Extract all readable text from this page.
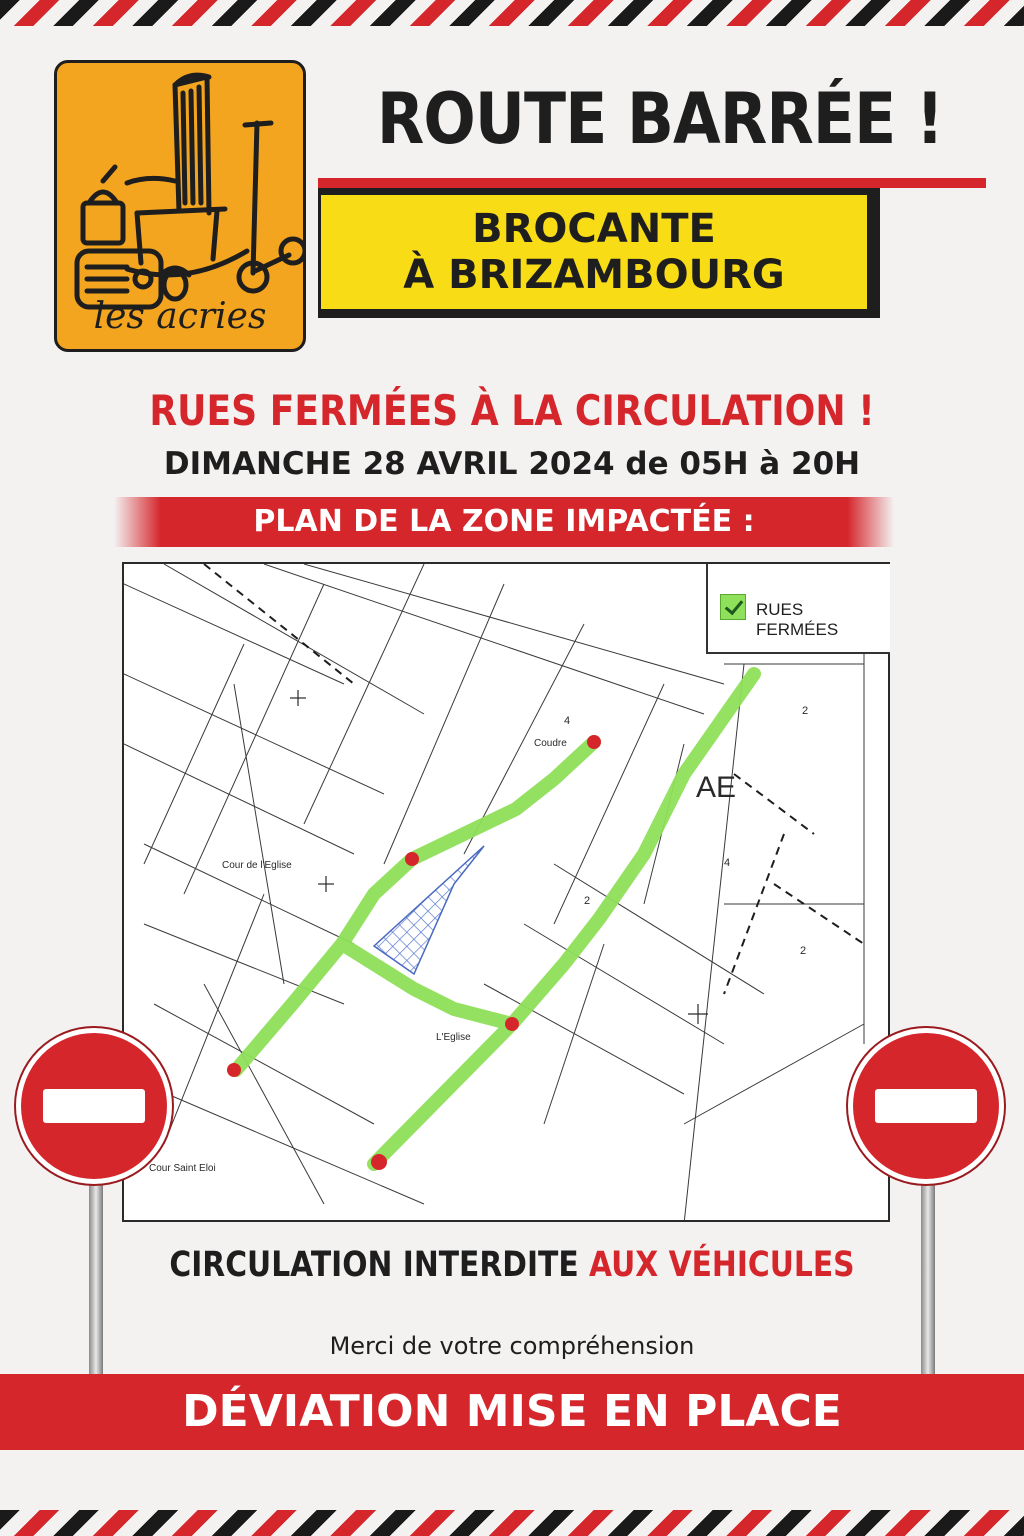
les acries
ROUTE BARRÉE !
BROCANTE
À BRIZAMBOURG
RUES FERMÉES À LA CIRCULATION !
DIMANCHE 28 AVRIL 2024 de 05H à 20H
PLAN DE LA ZONE IMPACTÉE :
Coudre
Cour de l'Eglise
L'Eglise
Cour Saint Eloi
2
4
2
4
2
AE
RUES FERMÉES
CIRCULATION INTERDITE AUX VÉHICULES
Merci de votre compréhension
DÉVIATION MISE EN PLACE
